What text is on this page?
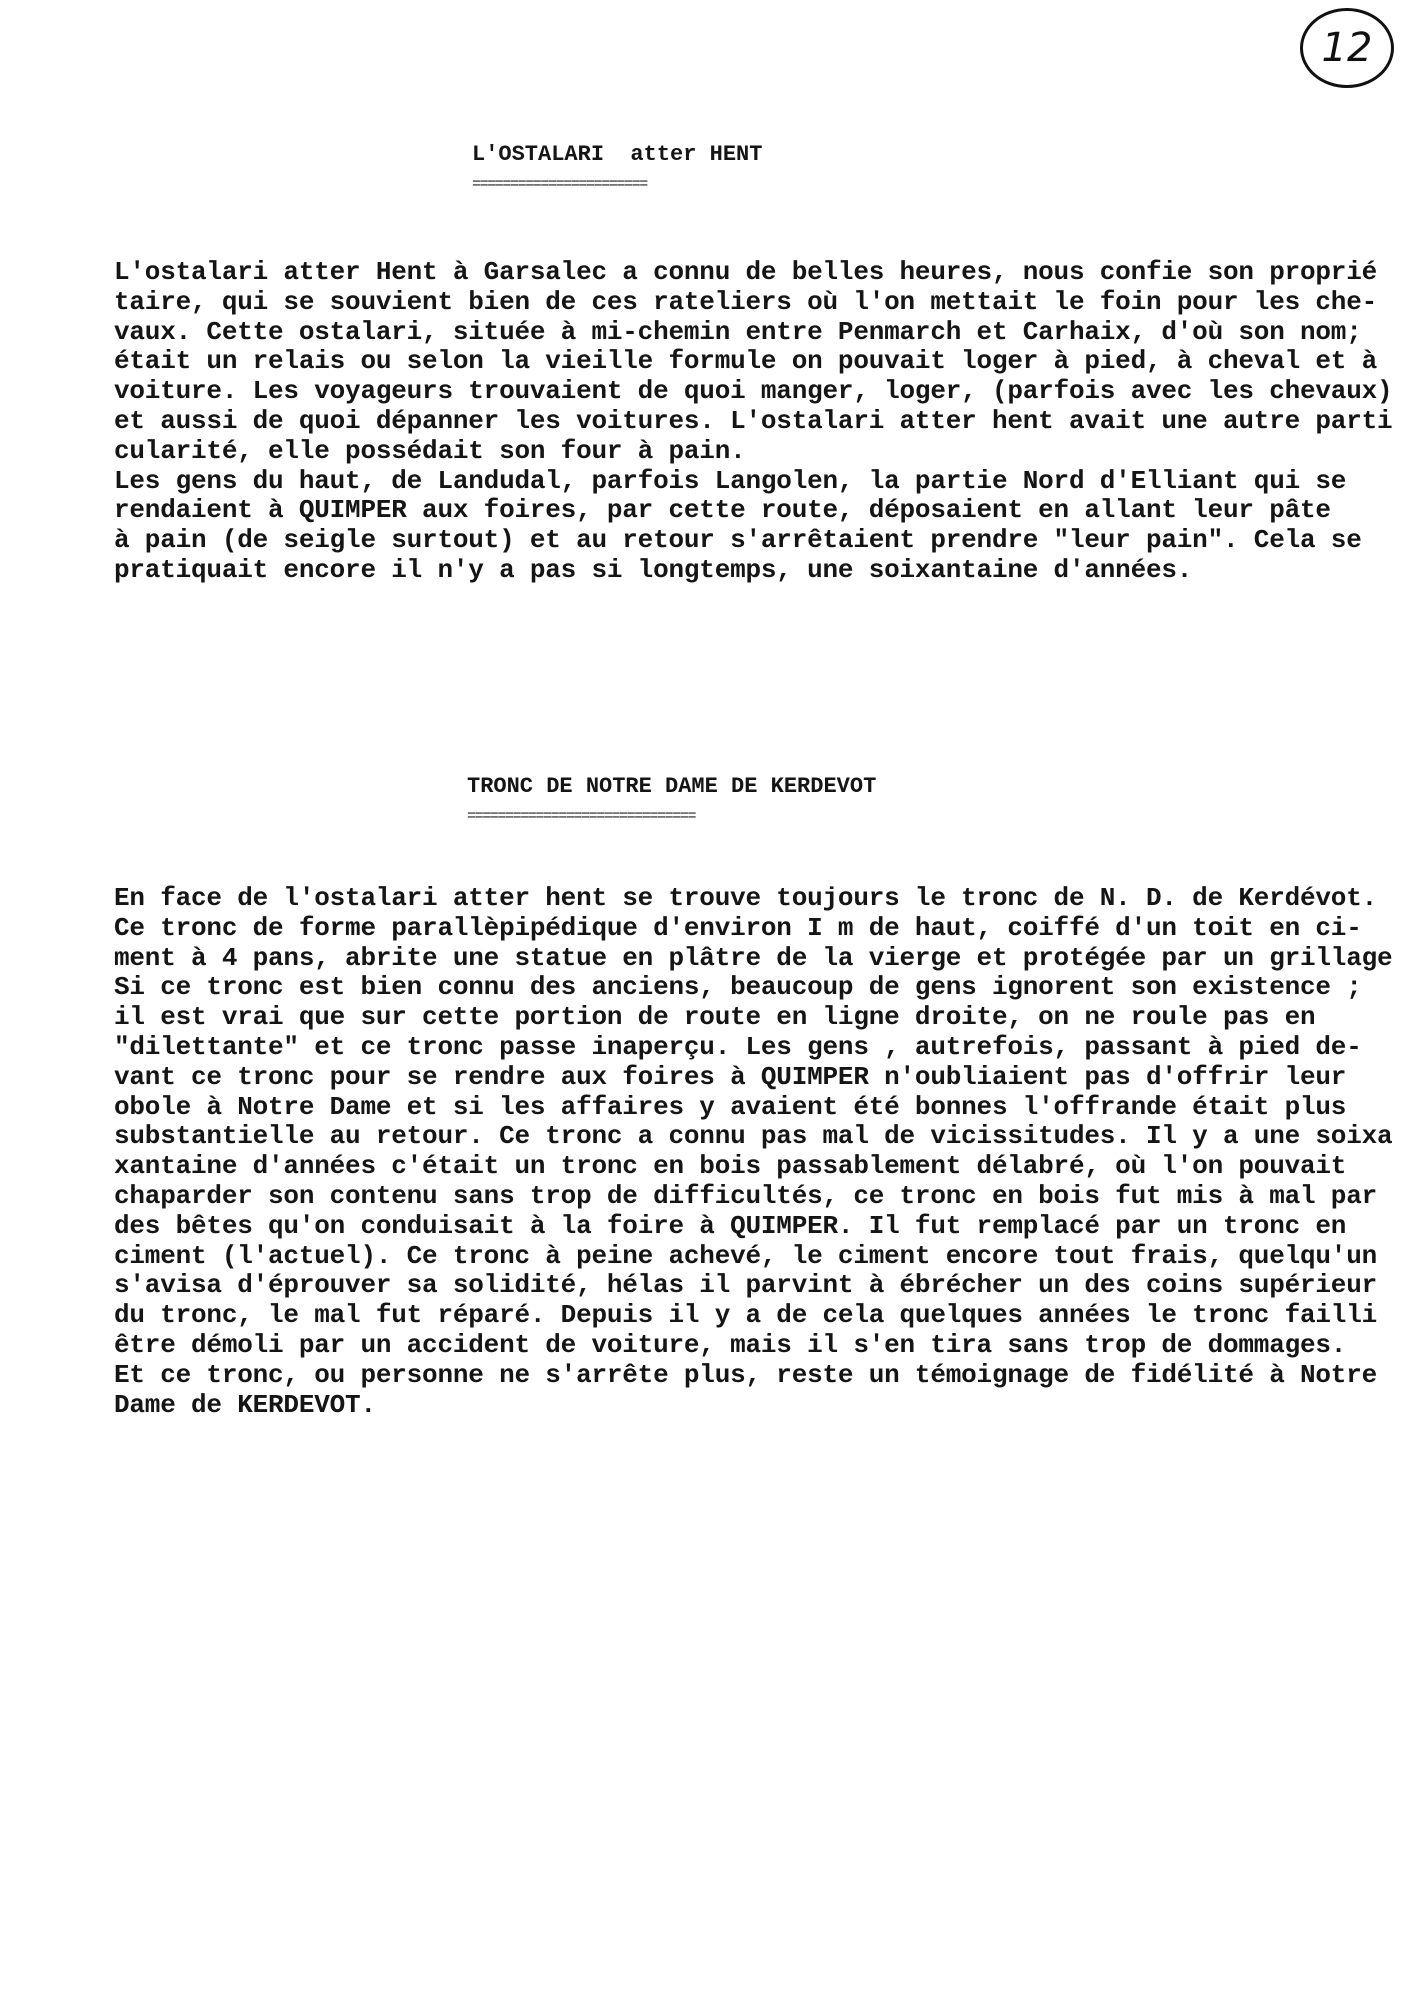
12
L'OSTALARI  atter HENT
=======================
L'ostalari atter Hent à Garsalec a connu de belles heures, nous confie son proprié
taire, qui se souvient bien de ces rateliers où l'on mettait le foin pour les che-
vaux. Cette ostalari, située à mi-chemin entre Penmarch et Carhaix, d'où son nom;
était un relais ou selon la vieille formule on pouvait loger à pied, à cheval et à
voiture. Les voyageurs trouvaient de quoi manger, loger, (parfois avec les chevaux)
et aussi de quoi dépanner les voitures. L'ostalari atter hent avait une autre parti
cularité, elle possédait son four à pain.
Les gens du haut, de Landudal, parfois Langolen, la partie Nord d'Elliant qui se
rendaient à QUIMPER aux foires, par cette route, déposaient en allant leur pâte
à pain (de seigle surtout) et au retour s'arrêtaient prendre "leur pain". Cela se
pratiquait encore il n'y a pas si longtemps, une soixantaine d'années.
TRONC DE NOTRE DAME DE KERDEVOT
==============================
En face de l'ostalari atter hent se trouve toujours le tronc de N. D. de Kerdévot.
Ce tronc de forme parallèpipédique d'environ I m de haut, coiffé d'un toit en ci-
ment à 4 pans, abrite une statue en plâtre de la vierge et protégée par un grillage
Si ce tronc est bien connu des anciens, beaucoup de gens ignorent son existence ;
il est vrai que sur cette portion de route en ligne droite, on ne roule pas en
"dilettante" et ce tronc passe inaperçu. Les gens , autrefois, passant à pied de-
vant ce tronc pour se rendre aux foires à QUIMPER n'oubliaient pas d'offrir leur
obole à Notre Dame et si les affaires y avaient été bonnes l'offrande était plus
substantielle au retour. Ce tronc a connu pas mal de vicissitudes. Il y a une soixa
xantaine d'années c'était un tronc en bois passablement délabré, où l'on pouvait
chaparder son contenu sans trop de difficultés, ce tronc en bois fut mis à mal par
des bêtes qu'on conduisait à la foire à QUIMPER. Il fut remplacé par un tronc en
ciment (l'actuel). Ce tronc à peine achevé, le ciment encore tout frais, quelqu'un
s'avisa d'éprouver sa solidité, hélas il parvint à ébrécher un des coins supérieur
du tronc, le mal fut réparé. Depuis il y a de cela quelques années le tronc failli
être démoli par un accident de voiture, mais il s'en tira sans trop de dommages.
Et ce tronc, ou personne ne s'arrête plus, reste un témoignage de fidélité à Notre
Dame de KERDEVOT.
